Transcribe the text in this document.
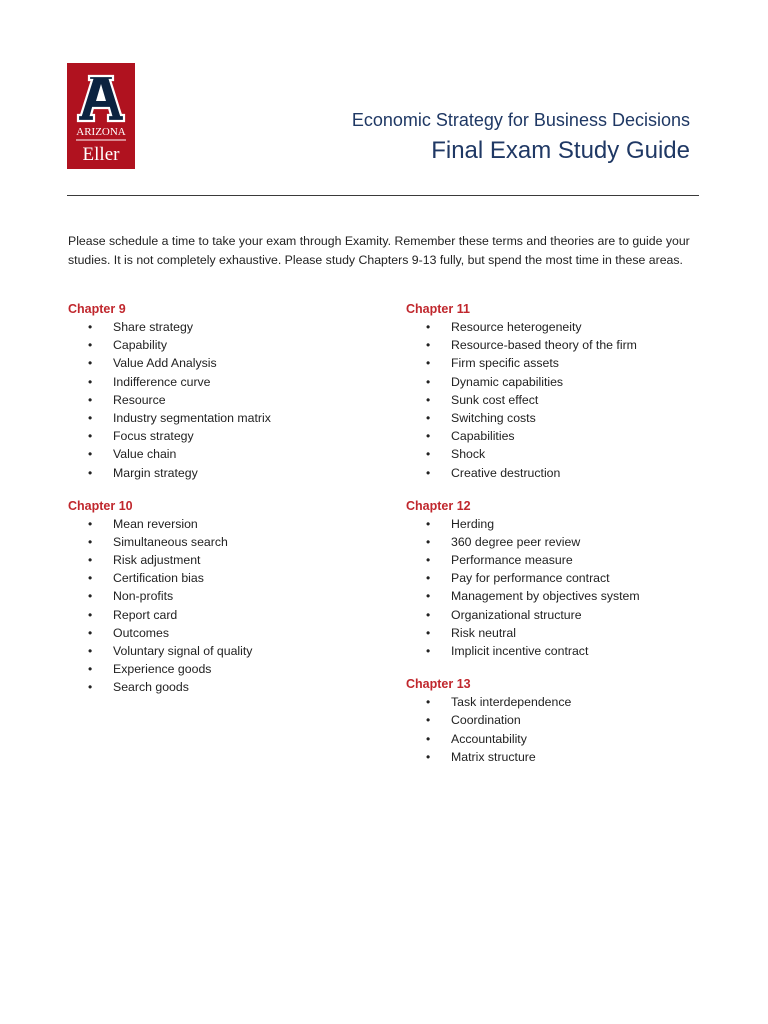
ARIZONA
Eller
Economic Strategy for Business Decisions
Final Exam Study Guide
Please schedule a time to take your exam through Examity. Remember these terms and theories are to guide your studies. It is not completely exhaustive. Please study Chapters 9-13 fully, but spend the most time in these areas.
Chapter 9
• Share strategy
• Capability
• Value Add Analysis
• Indifference curve
• Resource
• Industry segmentation matrix
• Focus strategy
• Value chain
• Margin strategy
Chapter 10
• Mean reversion
• Simultaneous search
• Risk adjustment
• Certification bias
• Non-profits
• Report card
• Outcomes
• Voluntary signal of quality
• Experience goods
• Search goods
Chapter 11
• Resource heterogeneity
• Resource-based theory of the firm
• Firm specific assets
• Dynamic capabilities
• Sunk cost effect
• Switching costs
• Capabilities
• Shock
• Creative destruction
Chapter 12
• Herding
• 360 degree peer review
• Performance measure
• Pay for performance contract
• Management by objectives system
• Organizational structure
• Risk neutral
• Implicit incentive contract
Chapter 13
• Task interdependence
• Coordination
• Accountability
• Matrix structure
